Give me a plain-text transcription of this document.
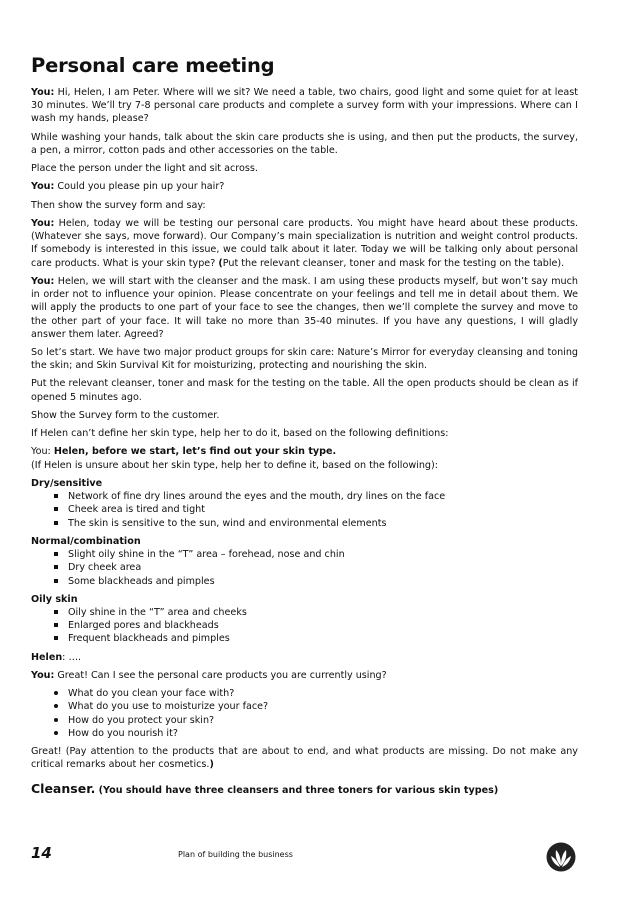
Personal care meeting

You: Hi, Helen, I am Peter. Where will we sit? We need a table, two chairs, good light and some quiet for at least 30 minutes. We’ll try 7-8 personal care products and complete a survey form with your impressions. Where can I wash my hands, please?

While washing your hands, talk about the skin care products she is using, and then put the products, the survey, a pen, a mirror, cotton pads and other accessories on the table.

Place the person under the light and sit across.

You: Could you please pin up your hair?

Then show the survey form and say:

You: Helen, today we will be testing our personal care products. You might have heard about these products. (Whatever she says, move forward). Our Company’s main specialization is nutrition and weight control products. If somebody is interested in this issue, we could talk about it later. Today we will be talking only about personal care products. What is your skin type? (Put the relevant cleanser, toner and mask for the testing on the table).

You: Helen, we will start with the cleanser and the mask. I am using these products myself, but won’t say much in order not to influence your opinion. Please concentrate on your feelings and tell me in detail about them. We will apply the products to one part of your face to see the changes, then we’ll complete the survey and move to the other part of your face. It will take no more than 35-40 minutes. If you have any questions, I will gladly answer them later. Agreed?

So let’s start. We have two major product groups for skin care: Nature’s Mirror for everyday cleansing and toning the skin; and Skin Survival Kit for moisturizing, protecting and nourishing the skin.

Put the relevant cleanser, toner and mask for the testing on the table. All the open products should be clean as if opened 5 minutes ago.

Show the Survey form to the customer.

If Helen can’t define her skin type, help her to do it, based on the following definitions:

You: Helen, before we start, let’s find out your skin type.
(If Helen is unsure about her skin type, help her to define it, based on the following):

Dry/sensitive
Network of fine dry lines around the eyes and the mouth, dry lines on the face
Cheek area is tired and tight
The skin is sensitive to the sun, wind and environmental elements
Normal/combination
Slight oily shine in the “T” area – forehead, nose and chin
Dry cheek area
Some blackheads and pimples
Oily skin
Oily shine in the “T” area and cheeks
Enlarged pores and blackheads
Frequent blackheads and pimples

Helen: ….

You: Great! Can I see the personal care products you are currently using?

What do you clean your face with?
What do you use to moisturize your face?
How do you protect your skin?
How do you nourish it?

Great! (Pay attention to the products that are about to end, and what products are missing. Do not make any critical remarks about her cosmetics.)

Cleanser. (You should have three cleansers and three toners for various skin types)
14	Plan of building the business
